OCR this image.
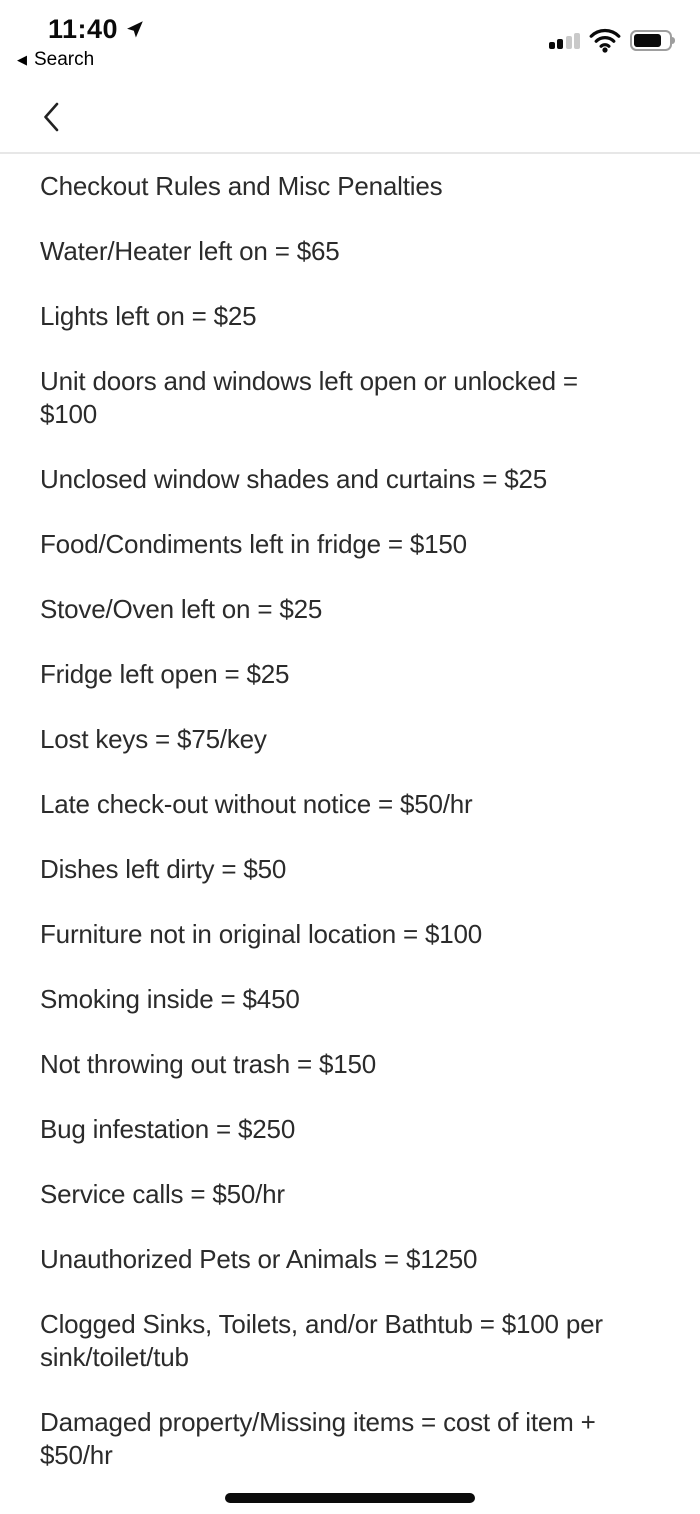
11:40
◀ Search

Checkout Rules and Misc Penalties

Water/Heater left on = $65

Lights left on = $25

Unit doors and windows left open or unlocked = $100

Unclosed window shades and curtains = $25

Food/Condiments left in fridge = $150

Stove/Oven left on = $25

Fridge left open = $25

Lost keys = $75/key

Late check-out without notice = $50/hr

Dishes left dirty = $50

Furniture not in original location = $100

Smoking inside = $450

Not throwing out trash = $150

Bug infestation = $250

Service calls = $50/hr

Unauthorized Pets or Animals = $1250

Clogged Sinks, Toilets, and/or Bathtub = $100 per sink/toilet/tub

Damaged property/Missing items = cost of item + $50/hr
